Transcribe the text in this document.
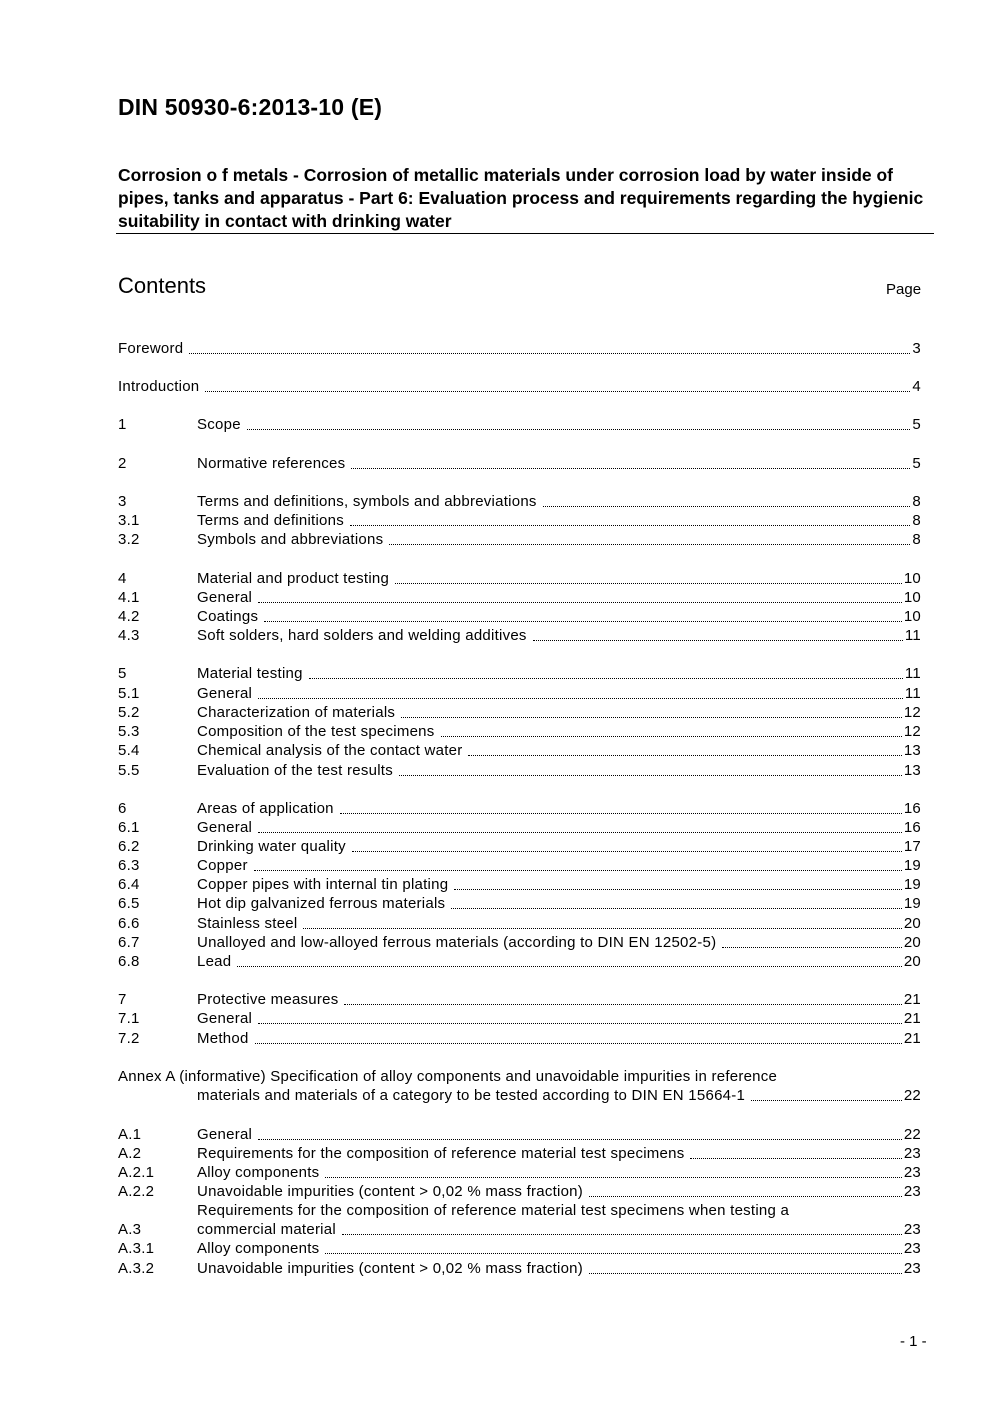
DIN 50930-6:2013-10 (E)
Corrosion o f metals - Corrosion of metallic materials under corrosion load by water inside of pipes, tanks and apparatus - Part 6: Evaluation process and requirements regarding the hygienic suitability in contact with drinking water
Contents	Page
Foreword	3
Introduction	4
1	Scope	5
2	Normative references	5
3	Terms and definitions, symbols and abbreviations	8
3.1	Terms and definitions	8
3.2	Symbols and abbreviations	8
4	Material and product testing	10
4.1	General	10
4.2	Coatings	10
4.3	Soft solders, hard solders and welding additives	11
5	Material testing	11
5.1	General	11
5.2	Characterization of materials	12
5.3	Composition of the test specimens	12
5.4	Chemical analysis of the contact water	13
5.5	Evaluation of the test results	13
6	Areas of application	16
6.1	General	16
6.2	Drinking water quality	17
6.3	Copper	19
6.4	Copper pipes with internal tin plating	19
6.5	Hot dip galvanized ferrous materials	19
6.6	Stainless steel	20
6.7	Unalloyed and low-alloyed ferrous materials (according to DIN EN 12502-5)	20
6.8	Lead	20
7	Protective measures	21
7.1	General	21
7.2	Method	21
Annex A (informative) Specification of alloy components and unavoidable impurities in reference
materials and materials of a category to be tested according to DIN EN 15664-1	22
A.1	General	22
A.2	Requirements for the composition of reference material test specimens	23
A.2.1	Alloy components	23
A.2.2	Unavoidable impurities (content > 0,02 % mass fraction)	23
Requirements for the composition of reference material test specimens when testing a
A.3	commercial material	23
A.3.1	Alloy components	23
A.3.2	Unavoidable impurities (content > 0,02 % mass fraction)	23
- 1 -
